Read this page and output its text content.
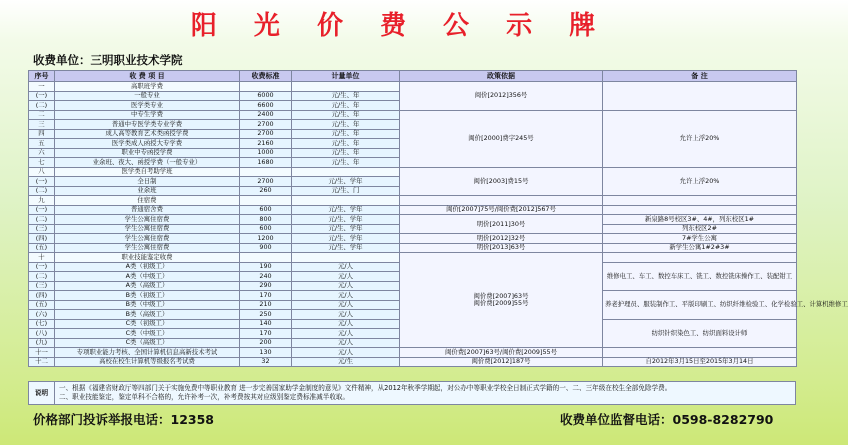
阳 光 价 费 公 示 牌
收费单位：三明职业技术学院
序号	收 费 项 目	收费标准	计量单位	政策依据	备 注
一	高职班学费			闽价[2012]356号	
(一)	一般专业	6000	元/生、年		
(二)	医学类专业	6600	元/生、年		
二	中专生学费	2400	元/生、年	闽价[2000]费字245号	允许上浮20%
三	普通中专医学类专业学费	2700	元/生、年		
四	成人高等教育艺术类函授学费	2700	元/生、年		
五	医学类成人函授大专学费	2160	元/生、年		
六	职业中专函授学费	1000	元/生、年		
七	业余班、夜大、函授学费（一般专业）	1680	元/生、年		
八	医学类自考助学班			闽价[2003]费15号	允许上浮20%
(一)	全日制	2700	元/生、学年		
(二)	业余班	260	元/生、门		
九	住宿费				
(一)	普通宿舍费	600	元/生、学年	闽价[2007]75号/闽价费[2012]567号	
(二)	学生公寓住宿费	800	元/生、学年	明价[2011]30号	新泉路8号校区3#、4#，列东校区1#
(三)	学生公寓住宿费	600	元/生、学年		列东校区2#
(四)	学生公寓住宿费	1200	元/生、学年	明价[2012]32号	7#学生公寓
(五)	学生公寓住宿费	900	元/生、学年	明价[2013]63号	新学生公寓1#2#3#
十	职业技能鉴定收费			闽价费[2007]63号
闽价费[2009]55号	
(一)	A类（初级工）	190	元/人		维修电工、车工、数控车床工、铣工、数控铣床操作工、装配钳工
(二)	A类（中级工）	240	元/人		
(三)	A类（高级工）	290	元/人		
(四)	B类（初级工）	170	元/人		养老护理员、服装制作工、平版印刷工、纺织纤维检验工、化学检验工、计算机维修工
(五)	B类（中级工）	210	元/人		
(六)	B类（高级工）	250	元/人		
(七)	C类（初级工）	140	元/人		纺织针织染色工、纺织面料设计师
(八)	C类（中级工）	170	元/人		
(九)	C类（高级工）	200	元/人		
十一	专项职业能力考核、全国计算机信息高新技术考试	130	元/人	闽价费[2007]63号/闽价费[2009]55号	
十二	高校在校生计算机等级报名考试费	32	元/生	闽价费[2012]187号	自2012年3月15日至2015年3月14日
说明
一、根据《福建省财政厅等四部门关于实施免费中等职业教育 进一步完善国家助学金制度的意见》文件精神，从2012年秋季学期起，对公办中等职业学校全日制正式学籍的一、二、三年级在校生全部免除学费。
二、职业技能鉴定，鉴定单科不合格的，允许补考一次，补考费按其对应级别鉴定费标准减半收取。
价格部门投诉举报电话：12358	收费单位监督电话：0598-8282790
